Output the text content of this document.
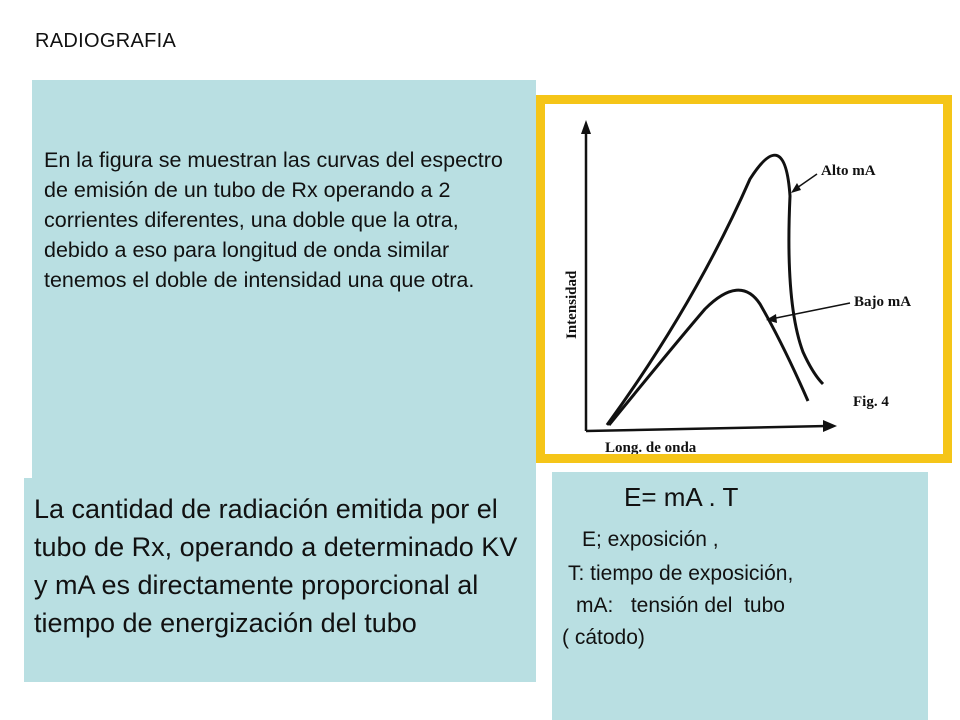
RADIOGRAFIA
En la figura se muestran las curvas del espectro de emisión de un tubo de Rx operando a 2 corrientes diferentes, una doble que la otra, debido a eso para longitud de onda similar tenemos el doble de intensidad una que otra.
La cantidad de radiación emitida por el tubo de Rx, operando a determinado KV y mA es directamente proporcional al tiempo de energización del tubo
Alto mA
Bajo mA
Fig. 4
Long. de onda
Intensidad
E= mA . T
E; exposición ,
T: tiempo de exposición,
mA:   tensión del  tubo
( cátodo)
